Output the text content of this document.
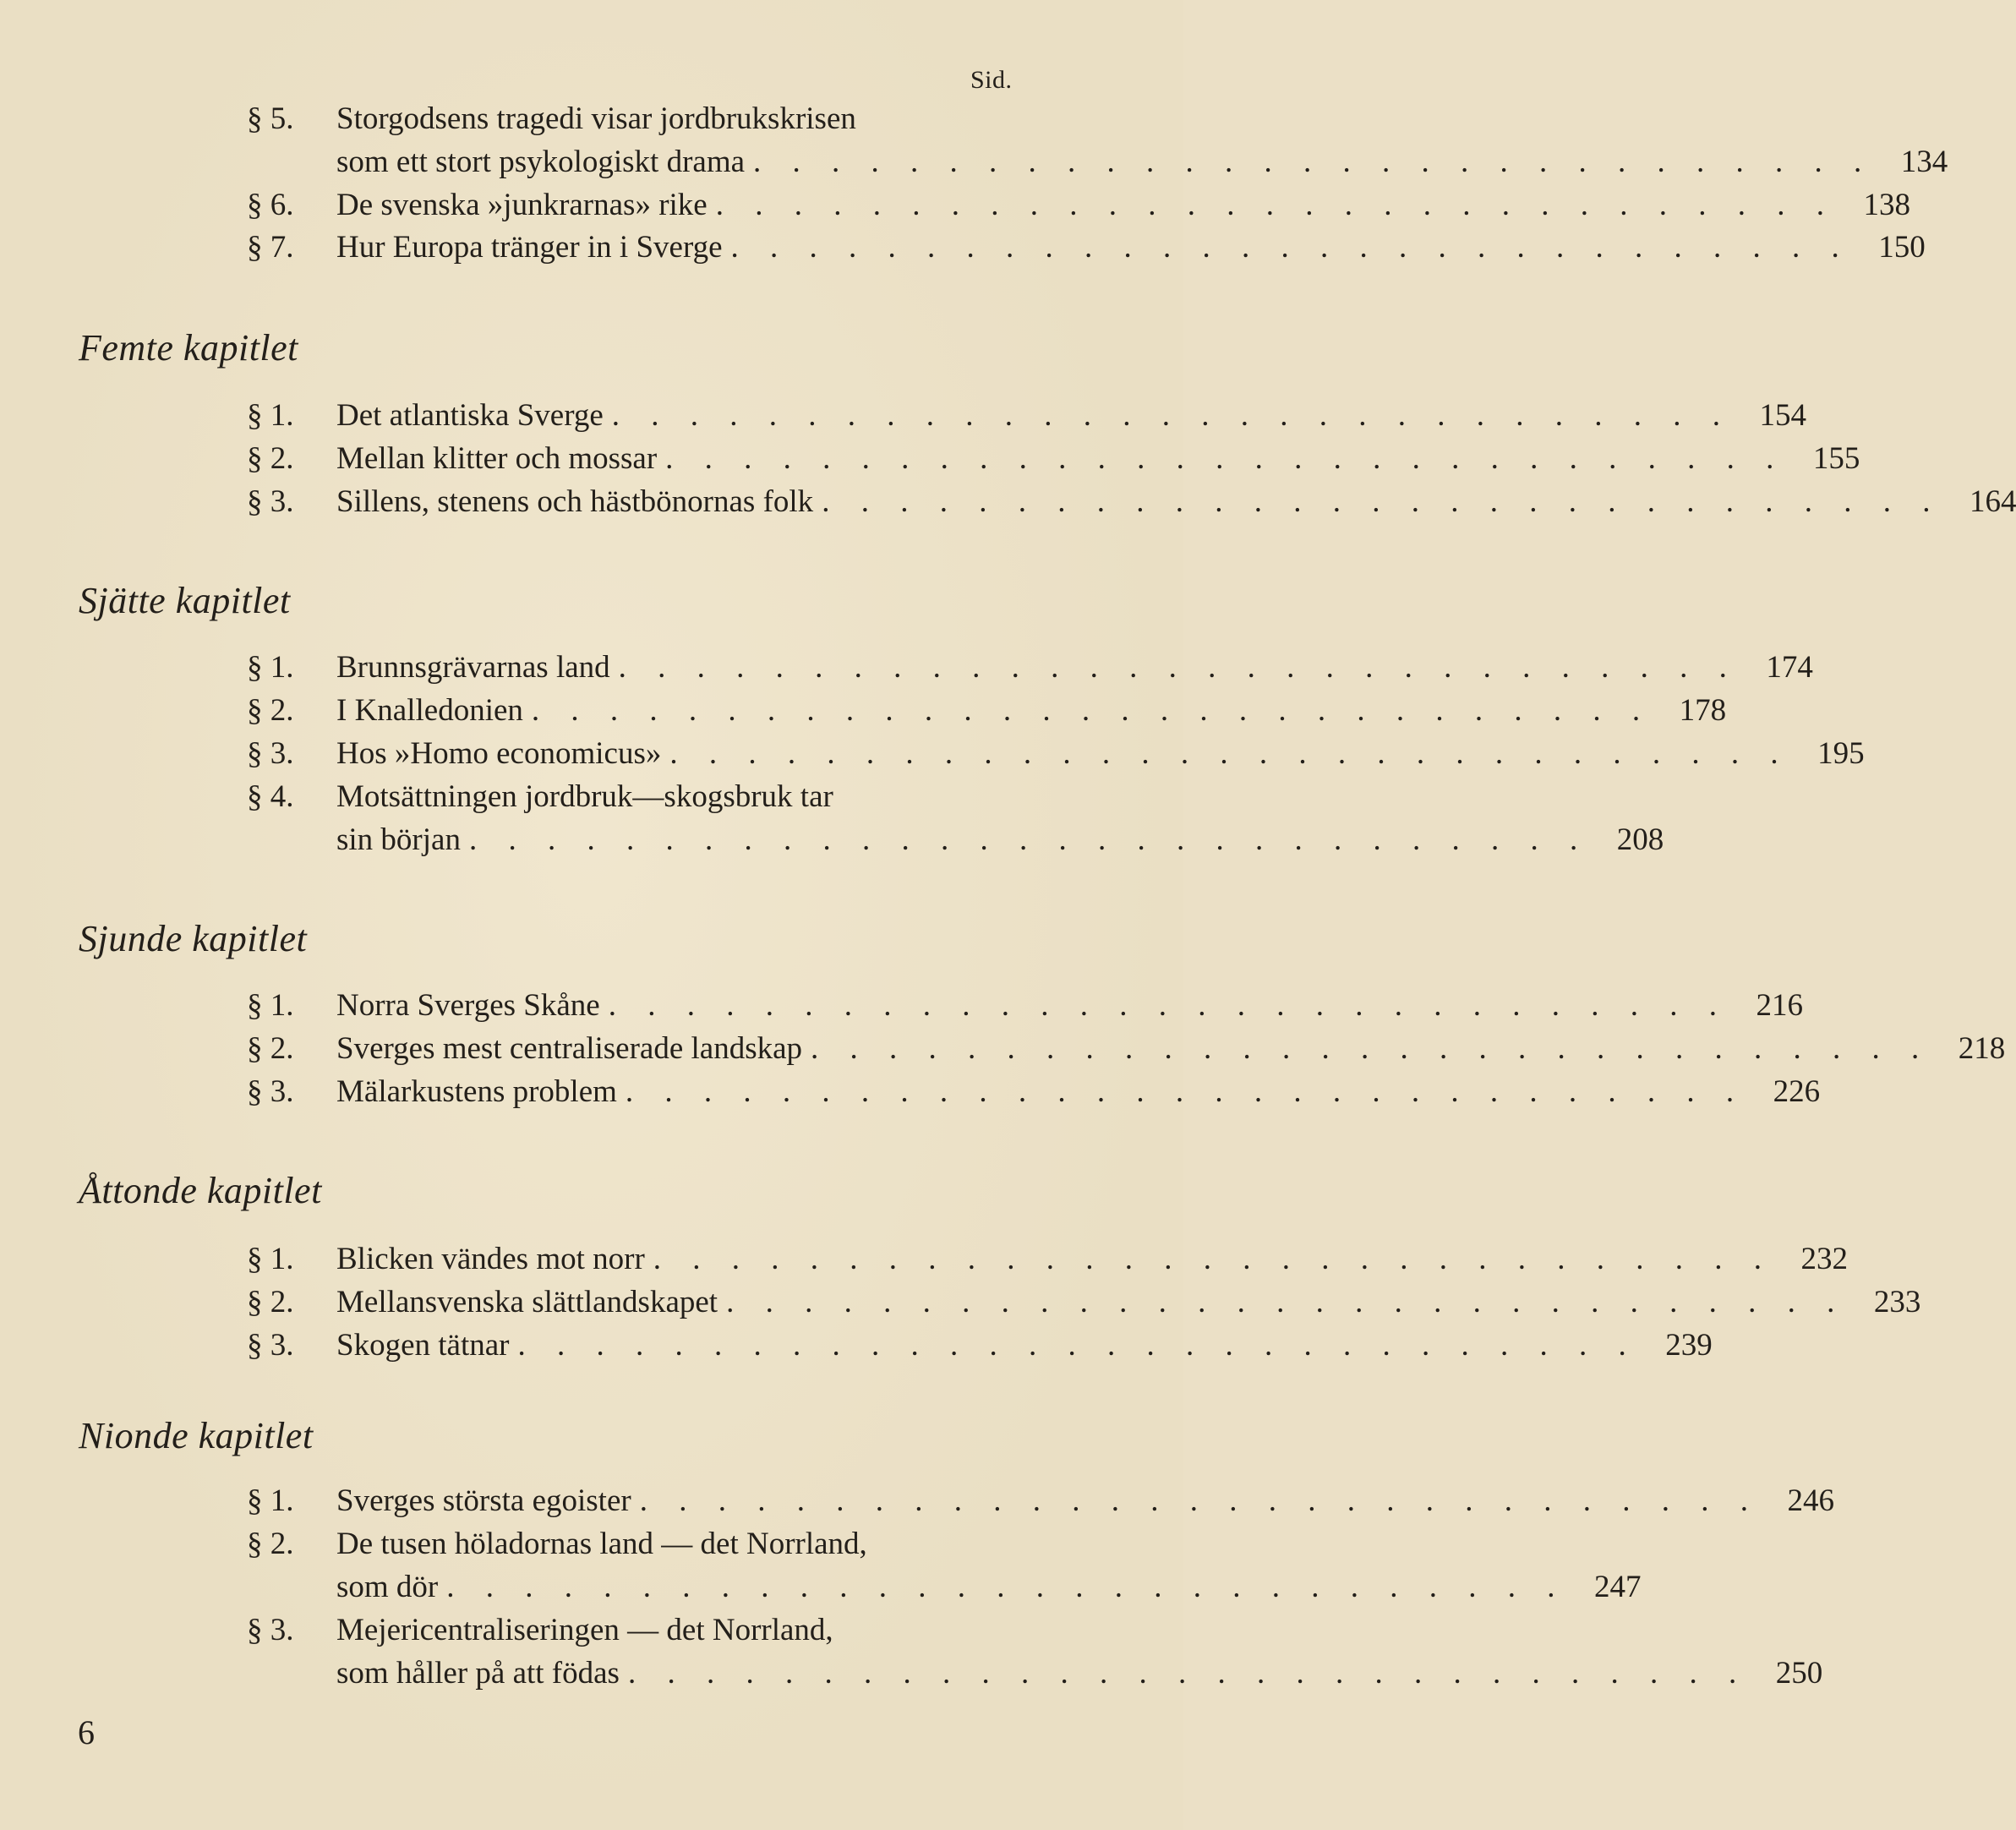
Sid.
§ 5.	Storgodsens tragedi visar jordbrukskrisen
som ett stort psykologiskt drama . . . . . . . . . . . . . . . . . . . . . . . . . . . . . 134
§ 6.	De svenska »junkrarnas» rike . . . . . . . . . . . . . . . . . . . . . . . . . . . . . 138
§ 7.	Hur Europa tränger in i Sverge . . . . . . . . . . . . . . . . . . . . . . . . . . . . . 150
Femte kapitlet
§ 1.	Det atlantiska Sverge . . . . . . . . . . . . . . . . . . . . . . . . . . . . . 154
§ 2.	Mellan klitter och mossar . . . . . . . . . . . . . . . . . . . . . . . . . . . . . 155
§ 3.	Sillens, stenens och hästbönornas folk . . . . . . . . . . . . . . . . . . . . . . . . . . . . . 164
Sjätte kapitlet
§ 1.	Brunnsgrävarnas land . . . . . . . . . . . . . . . . . . . . . . . . . . . . . 174
§ 2.	I Knalledonien . . . . . . . . . . . . . . . . . . . . . . . . . . . . . 178
§ 3.	Hos »Homo economicus» . . . . . . . . . . . . . . . . . . . . . . . . . . . . . 195
§ 4.	Motsättningen jordbruk—skogsbruk tar
sin början . . . . . . . . . . . . . . . . . . . . . . . . . . . . . 208
Sjunde kapitlet
§ 1.	Norra Sverges Skåne . . . . . . . . . . . . . . . . . . . . . . . . . . . . . 216
§ 2.	Sverges mest centraliserade landskap . . . . . . . . . . . . . . . . . . . . . . . . . . . . . 218
§ 3.	Mälarkustens problem . . . . . . . . . . . . . . . . . . . . . . . . . . . . . 226
Åttonde kapitlet
§ 1.	Blicken vändes mot norr . . . . . . . . . . . . . . . . . . . . . . . . . . . . . 232
§ 2.	Mellansvenska slättlandskapet . . . . . . . . . . . . . . . . . . . . . . . . . . . . . 233
§ 3.	Skogen tätnar . . . . . . . . . . . . . . . . . . . . . . . . . . . . . 239
Nionde kapitlet
§ 1.	Sverges största egoister . . . . . . . . . . . . . . . . . . . . . . . . . . . . . 246
§ 2.	De tusen höladornas land — det Norrland,
som dör . . . . . . . . . . . . . . . . . . . . . . . . . . . . . 247
§ 3.	Mejericentraliseringen — det Norrland,
som håller på att födas . . . . . . . . . . . . . . . . . . . . . . . . . . . . . 250
6
